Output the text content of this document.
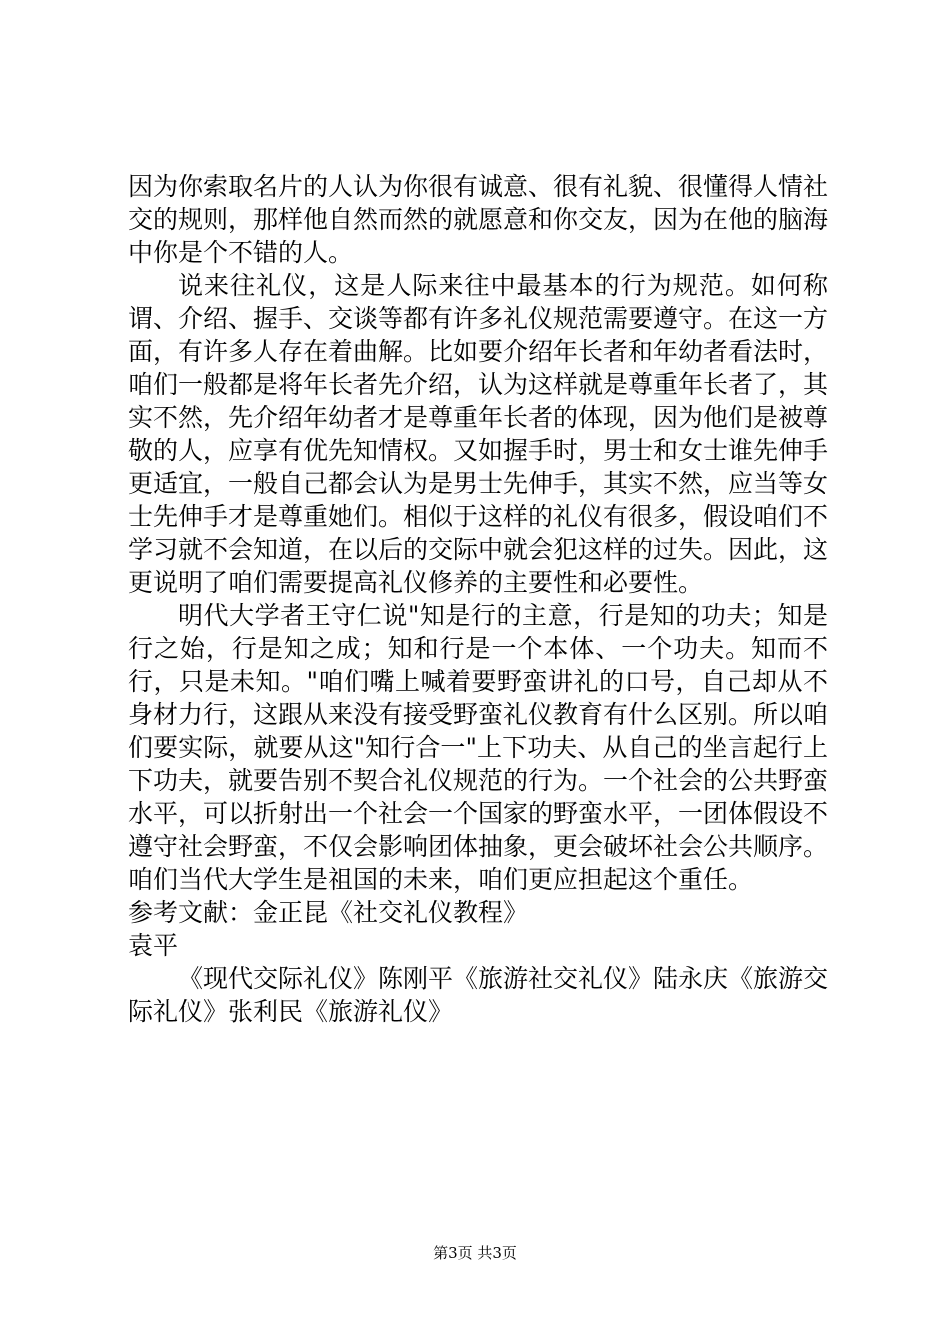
因为你索取名片的人认为你很有诚意、很有礼貌、很懂得人情社交的规则，那样他自然而然的就愿意和你交友，因为在他的脑海中你是个不错的人。

说来往礼仪，这是人际来往中最基本的行为规范。如何称谓、介绍、握手、交谈等都有许多礼仪规范需要遵守。在这一方面，有许多人存在着曲解。比如要介绍年长者和年幼者看法时，咱们一般都是将年长者先介绍，认为这样就是尊重年长者了，其实不然，先介绍年幼者才是尊重年长者的体现，因为他们是被尊敬的人，应享有优先知情权。又如握手时，男士和女士谁先伸手更适宜，一般自己都会认为是男士先伸手，其实不然，应当等女士先伸手才是尊重她们。相似于这样的礼仪有很多，假设咱们不学习就不会知道，在以后的交际中就会犯这样的过失。因此，这更说明了咱们需要提高礼仪修养的主要性和必要性。

明代大学者王守仁说"知是行的主意，行是知的功夫；知是行之始，行是知之成；知和行是一个本体、一个功夫。知而不行，只是未知。"咱们嘴上喊着要野蛮讲礼的口号，自己却从不身材力行，这跟从来没有接受野蛮礼仪教育有什么区别。所以咱们要实际，就要从这"知行合一"上下功夫、从自己的坐言起行上下功夫，就要告别不契合礼仪规范的行为。一个社会的公共野蛮水平，可以折射出一个社会一个国家的野蛮水平，一团体假设不遵守社会野蛮，不仅会影响团体抽象，更会破坏社会公共顺序。咱们当代大学生是祖国的未来，咱们更应担起这个重任。

参考文献：金正昆《社交礼仪教程》

袁平

《现代交际礼仪》陈刚平《旅游社交礼仪》陆永庆《旅游交际礼仪》张利民《旅游礼仪》

第3页 共3页
